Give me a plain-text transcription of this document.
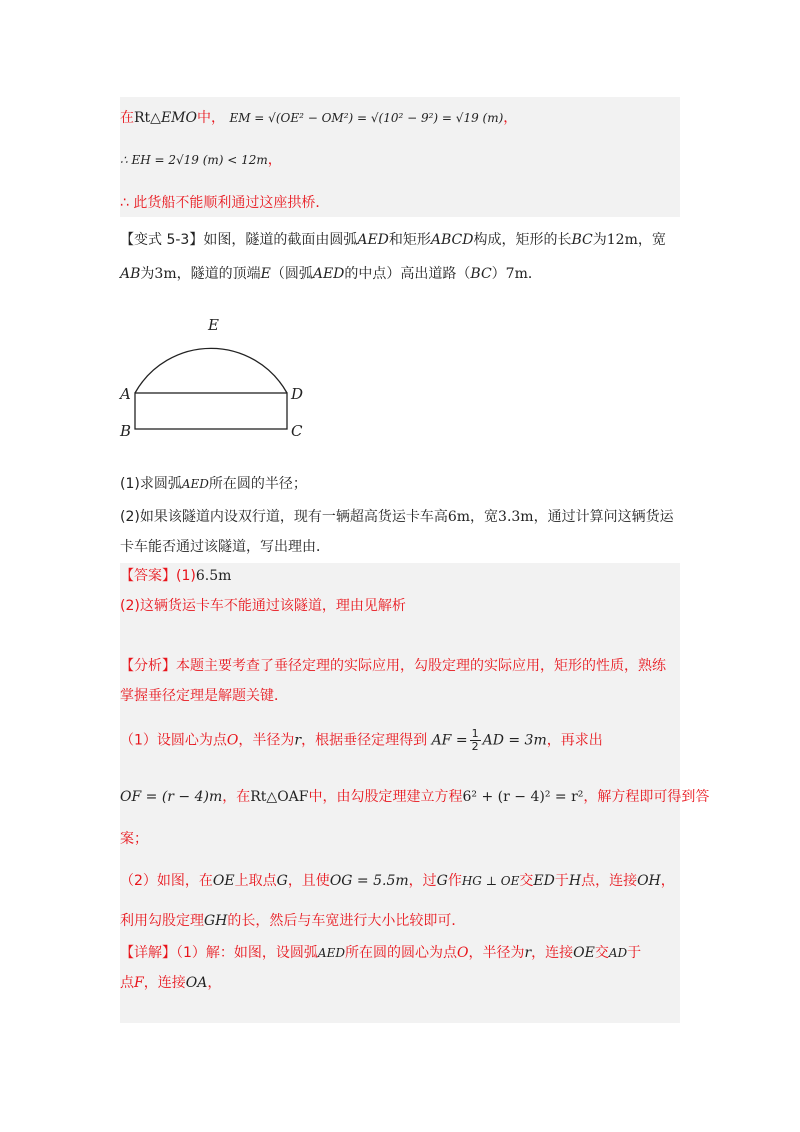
在Rt△EMO中， EM = √(OE² − OM²) = √(10² − 9²) = √19 (m)，
∴ EH = 2√19 (m) < 12m，
∴ 此货船不能顺利通过这座拱桥．
【变式 5-3】如图，隧道的截面由圆弧AED和矩形ABCD构成，矩形的长BC为12m，宽
AB为3m，隧道的顶端E（圆弧AED的中点）高出道路（BC）7m．
E
A	D
B	C
(1)求圆弧AED所在圆的半径；
(2)如果该隧道内设双行道，现有一辆超高货运卡车高6m，宽3.3m，通过计算问这辆货运
卡车能否通过该隧道，写出理由．
【答案】(1)6.5m
(2)这辆货运卡车不能通过该隧道，理由见解析
【分析】本题主要考查了垂径定理的实际应用，勾股定理的实际应用，矩形的性质，熟练
掌握垂径定理是解题关键．
（1）设圆心为点O，半径为r，根据垂径定理得到 AF = $\frac{1}{2}$ AD = 3m，再求出
OF = (r − 4)m，在Rt△OAF中，由勾股定理建立方程6² + (r − 4)² = r²，解方程即可得到答
案；
（2）如图，在OE上取点G，且使OG = 5.5m，过G作HG ⊥ OE交ED于H点，连接OH，
利用勾股定理GH的长，然后与车宽进行大小比较即可．
【详解】（1）解：如图，设圆弧AED所在圆的圆心为点O，半径为r，连接OE交AD于
点F，连接OA，
